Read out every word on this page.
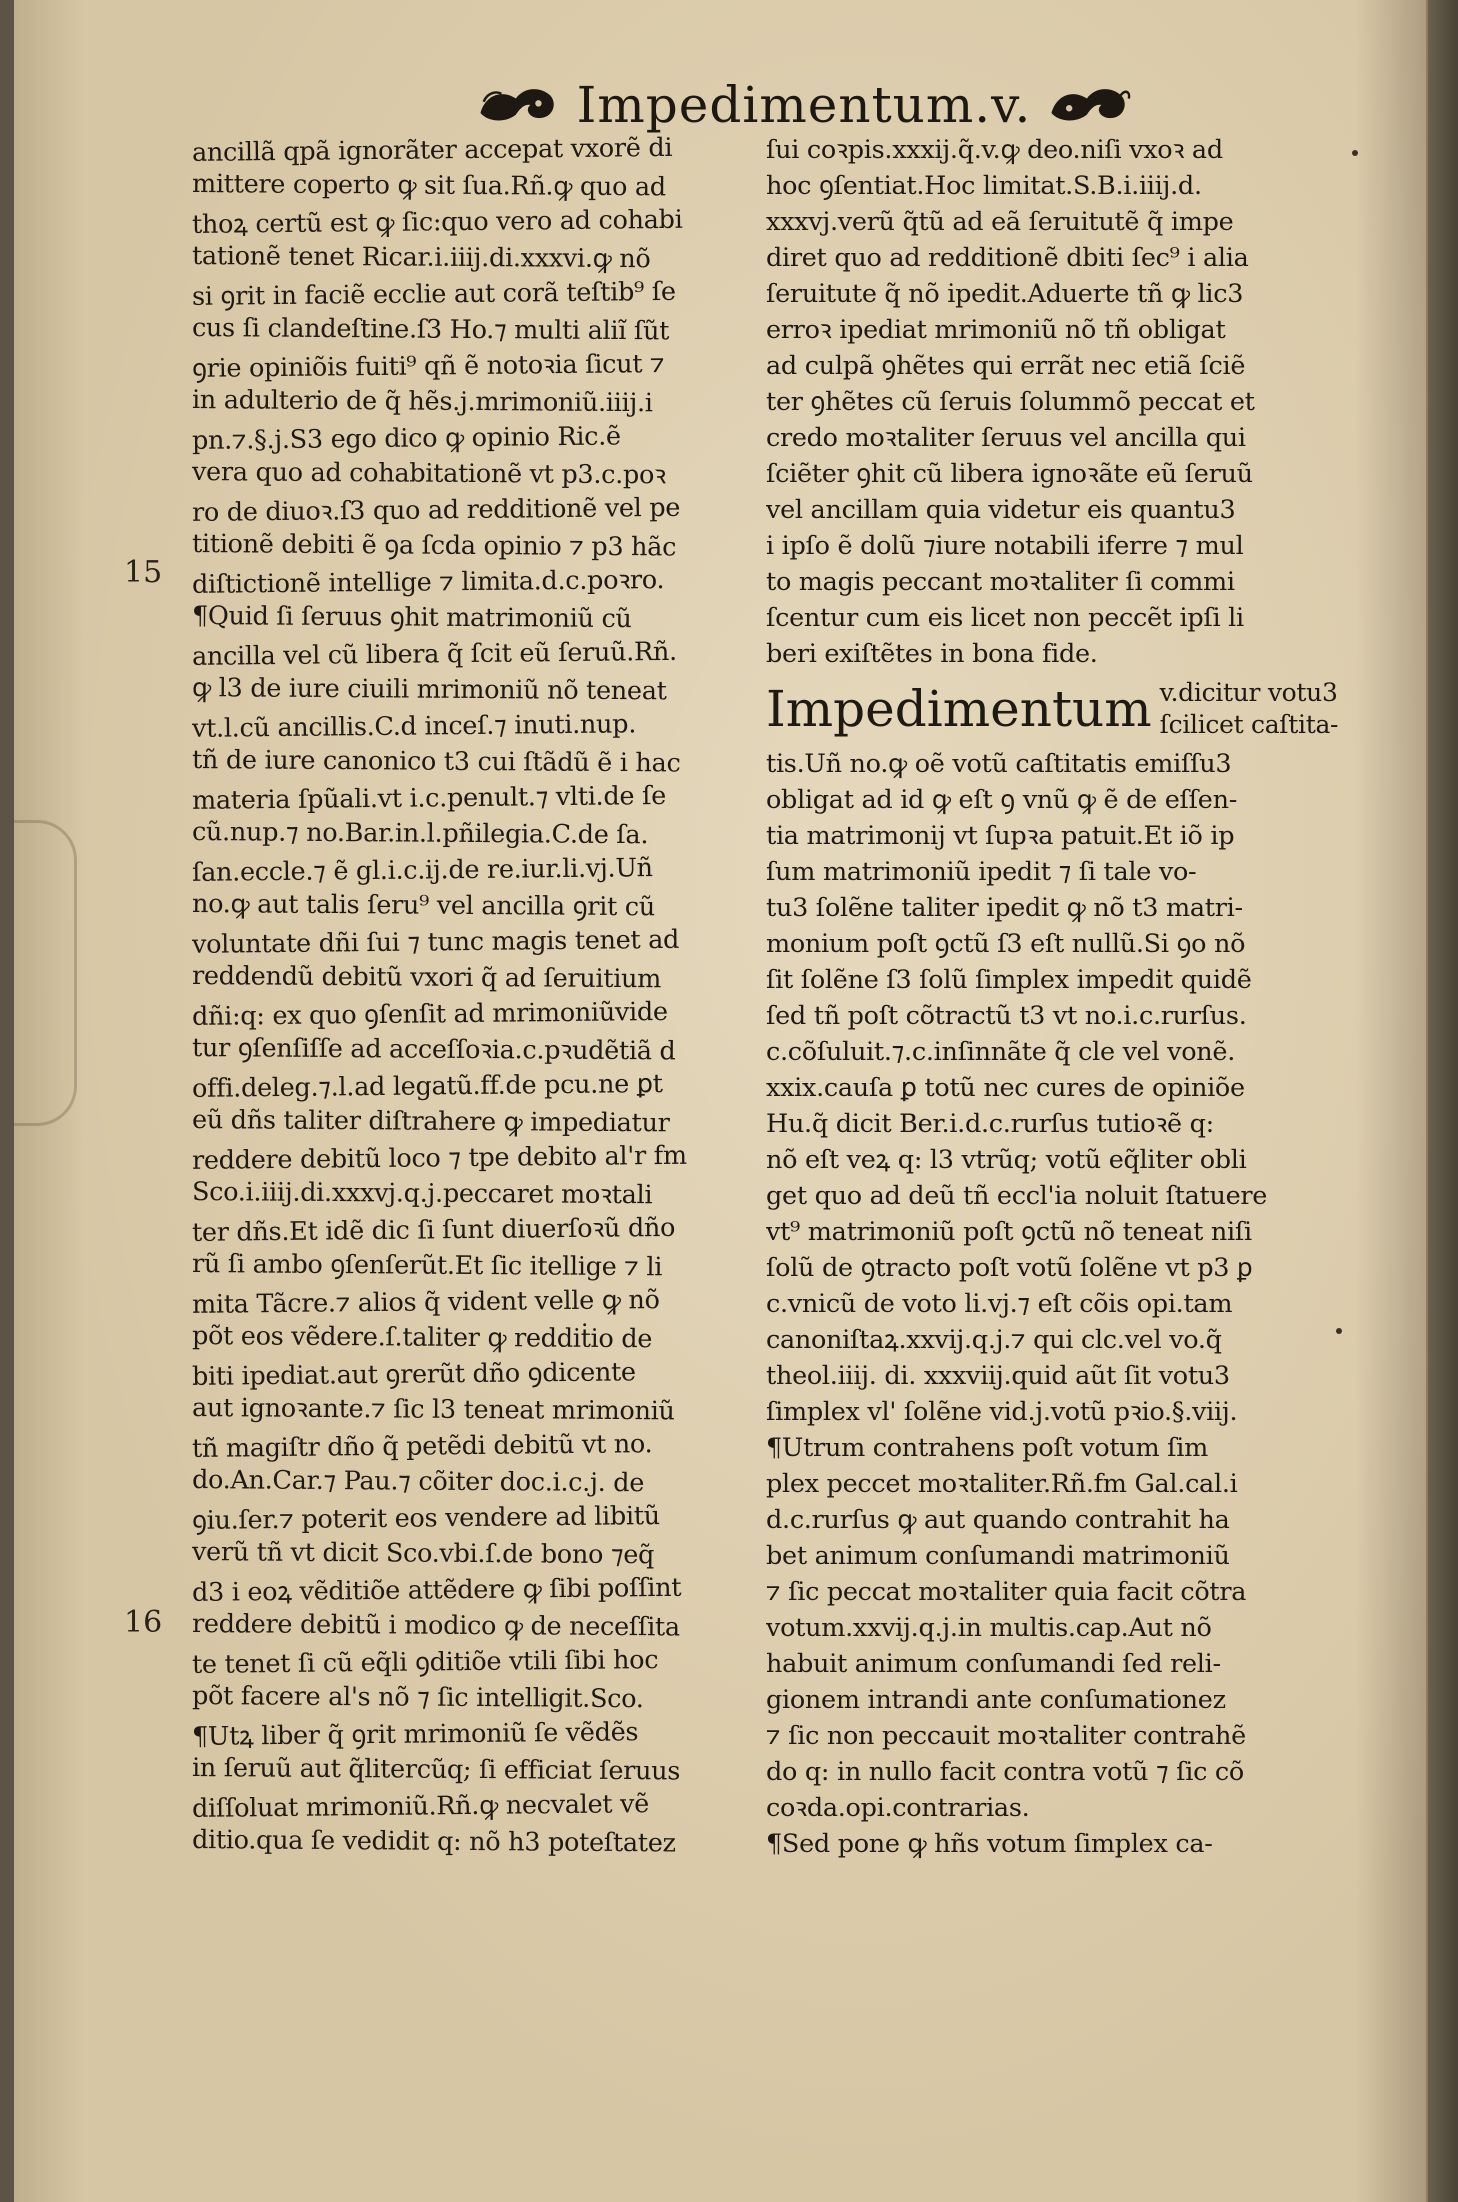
Impedimentum.v.
15
16
ancillã qpã ignorãter accepat vxorẽ di
mittere coperto ꝙ sit ſua.Rñ.ꝙ quo ad
thoꝝ certũ est ꝙ ſic:quo vero ad cohabi
tationẽ tenet Ricar.i.iiij.di.xxxvi.ꝙ nõ
si ꝯrit in faciẽ ecclie aut corã teſtib⁹ ſe
cus ſi clandeſtine.ſ3 Ho.⁊ multi aliĩ ſũt
ꝯrie opiniõis fuiti⁹ qñ ẽ notoꝛia ſicut ⁊
in adulterio de q̃ hẽs.j.mrimoniũ.iiij.i
pn.⁊.§.j.S3 ego dico ꝙ opinio Ric.ẽ
vera quo ad cohabitationẽ vt p3.c.poꝛ
ro de diuoꝛ.ſ3 quo ad redditionẽ vel pe
titionẽ debiti ẽ ꝯa ſcda opinio ⁊ p3 hãc
diſtictionẽ intellige ⁊ limita.d.c.poꝛro.
¶Quid ſi ſeruus ꝯhit matrimoniũ cũ
ancilla vel cũ libera q̃ ſcit eũ ſeruũ.Rñ.
ꝙ l3 de iure ciuili mrimoniũ nõ teneat
vt.l.cũ ancillis.C.d inceſ.⁊ inuti.nup.
tñ de iure canonico t3 cui ſtãdũ ẽ i hac
materia ſpũali.vt i.c.penult.⁊ vlti.de ſe
cũ.nup.⁊ no.Bar.in.l.pñilegia.C.de ſa.
ſan.eccle.⁊ ẽ gl.i.c.ij.de re.iur.li.vj.Uñ
no.ꝙ aut talis ſeru⁹ vel ancilla ꝯrit cũ
voluntate dñi ſui ⁊ tunc magis tenet ad
reddendũ debitũ vxori q̃ ad ſeruitium
dñi:q: ex quo ꝯſenſit ad mrimoniũvide
tur ꝯſenſiſſe ad acceſſoꝛia.c.pꝛudẽtiã d
offi.deleg.⁊.l.ad legatũ.ff.de pcu.ne ꝑt
eũ dñs taliter diſtrahere ꝙ impediatur
reddere debitũ loco ⁊ tpe debito al'r fm
Sco.i.iiij.di.xxxvj.q.j.peccaret moꝛtali
ter dñs.Et idẽ dic ſi ſunt diuerſoꝛũ dño
rũ ſi ambo ꝯſenſerũt.Et ſic itellige ⁊ li
mita Tãcre.⁊ alios q̃ vident velle ꝙ nõ
põt eos vẽdere.ſ.taliter ꝙ reddiṫio de
biti ipediat.aut ꝯrerũt dño ꝯdicente
aut ignoꝛante.⁊ ſic l3 teneat mrimoniũ
tñ magiſtr dño q̃ petẽdi debitũ vt no.
do.An.Car.⁊ Pau.⁊ cõiter doc.i.c.j. de
ꝯiu.ſer.⁊ poterit eos vendere ad libitũ
verũ tñ vt dicit Sco.vbi.ſ.de bono ⁊eq̃
d3 i eoꝝ vẽditiõe attẽdere ꝙ ſibi poſſint
reddere debitũ i modico ꝙ de neceſſita
te tenet ſi cũ eq̃li ꝯditiõe vtili ſibi hoc
põt facere al's nõ ⁊ ſic intelligit.Sco.
¶Utꝝ liber q̃ ꝯrit mrimoniũ ſe vẽdẽs
in ſeruũ aut q̃litercũq; ſi efficiat ſeruus
diſſoluat mrimoniũ.Rñ.ꝙ necvalet vẽ
ditio.qua ſe vedidit q: nõ h3 poteſtatez
ſui coꝛpis.xxxij.q̃.v.ꝙ deo.niſi vxoꝛ ad
hoc ꝯſentiat.Hoc limitat.S.B.i.iiij.d.
xxxvj.verũ q̃tũ ad eã ſeruitutẽ q̃ impe
diret quo ad redditionẽ dbiti ſec⁹ i alia
ſeruitute q̃ nõ ipedit.Aduerte tñ ꝙ lic3
erroꝛ ipediat mrimoniũ nõ tñ obligat
ad culpã ꝯhẽtes qui errãt nec etiã ſciẽ
ter ꝯhẽtes cũ ſeruis ſolummõ peccat et
credo moꝛtaliter ſeruus vel ancilla qui
ſciẽter ꝯhit cũ libera ignoꝛãte eũ ſeruũ
vel ancillam quia videtur eis quantu3
i ipſo ẽ dolũ ⁊iure notabili iferre ⁊ mul
to magis peccant moꝛtaliter ſi commi
ſcentur cum eis licet non peccẽt ipſi li
beri exiſtẽtes in bona fide.
Impedimentum v.dicitur votu3
ſcilicet caſtita-
tis.Uñ no.ꝙ oẽ votũ caſtitatis emiſſu3
obligat ad id ꝙ eſt ꝯ vnũ ꝙ ẽ de eſſen-
tia matrimonij vt ſupꝛa patuit.Et iõ ip
ſum matrimoniũ ipedit ⁊ ſi tale vo-
tu3 ſolẽne taliter ipedit ꝙ nõ t3 matri-
monium poſt ꝯctũ ſ3 eſt nullũ.Si ꝯo nõ
ſit ſolẽne ſ3 ſolũ ſimplex impedit quidẽ
ſed tñ poſt cõtractũ t3 vt no.i.c.rurſus.
c.cõſuluit.⁊.c.inſinnãte q̃ cle vel vonẽ.
xxix.cauſa ꝑ totũ nec cures de opiniõe
Hu.q̃ dicit Ber.i.d.c.rurſus tutioꝛẽ q:
nõ eſt veꝝ q: l3 vtrũq; votũ eq̃liter obli
get quo ad deũ tñ eccl'ia noluit ſtatuere
vt⁹ matrimoniũ poſt ꝯctũ nõ teneat niſi
ſolũ de ꝯtracto poſt votũ ſolẽne vt p3 ꝑ
c.vnicũ de voto li.vj.⁊ eſt cõis opi.tam
canoniſtaꝝ.xxvij.q.j.⁊ qui clc.vel vo.q̃
theol.iiij. di. xxxviij.quid aũt ſit votu3
ſimplex vl' ſolẽne vid.j.votũ pꝛio.§.viij.
¶Utrum contrahens poſt votum ſim
plex peccet moꝛtaliter.Rñ.fm Gal.cal.i
d.c.rurſus ꝙ aut quando contrahit ha
bet animum conſumandi matrimoniũ
⁊ ſic peccat moꝛtaliter quia facit cõtra
votum.xxvij.q.j.in multis.cap.Aut nõ
habuit animum conſumandi ſed reli-
gionem intrandi ante conſumationez
⁊ ſic non peccauit moꝛtaliter contrahẽ
do q: in nullo facit contra votũ ⁊ ſic cõ
coꝛda.opi.contrarias.
¶Sed pone ꝙ hñs votum ſimplex ca-
